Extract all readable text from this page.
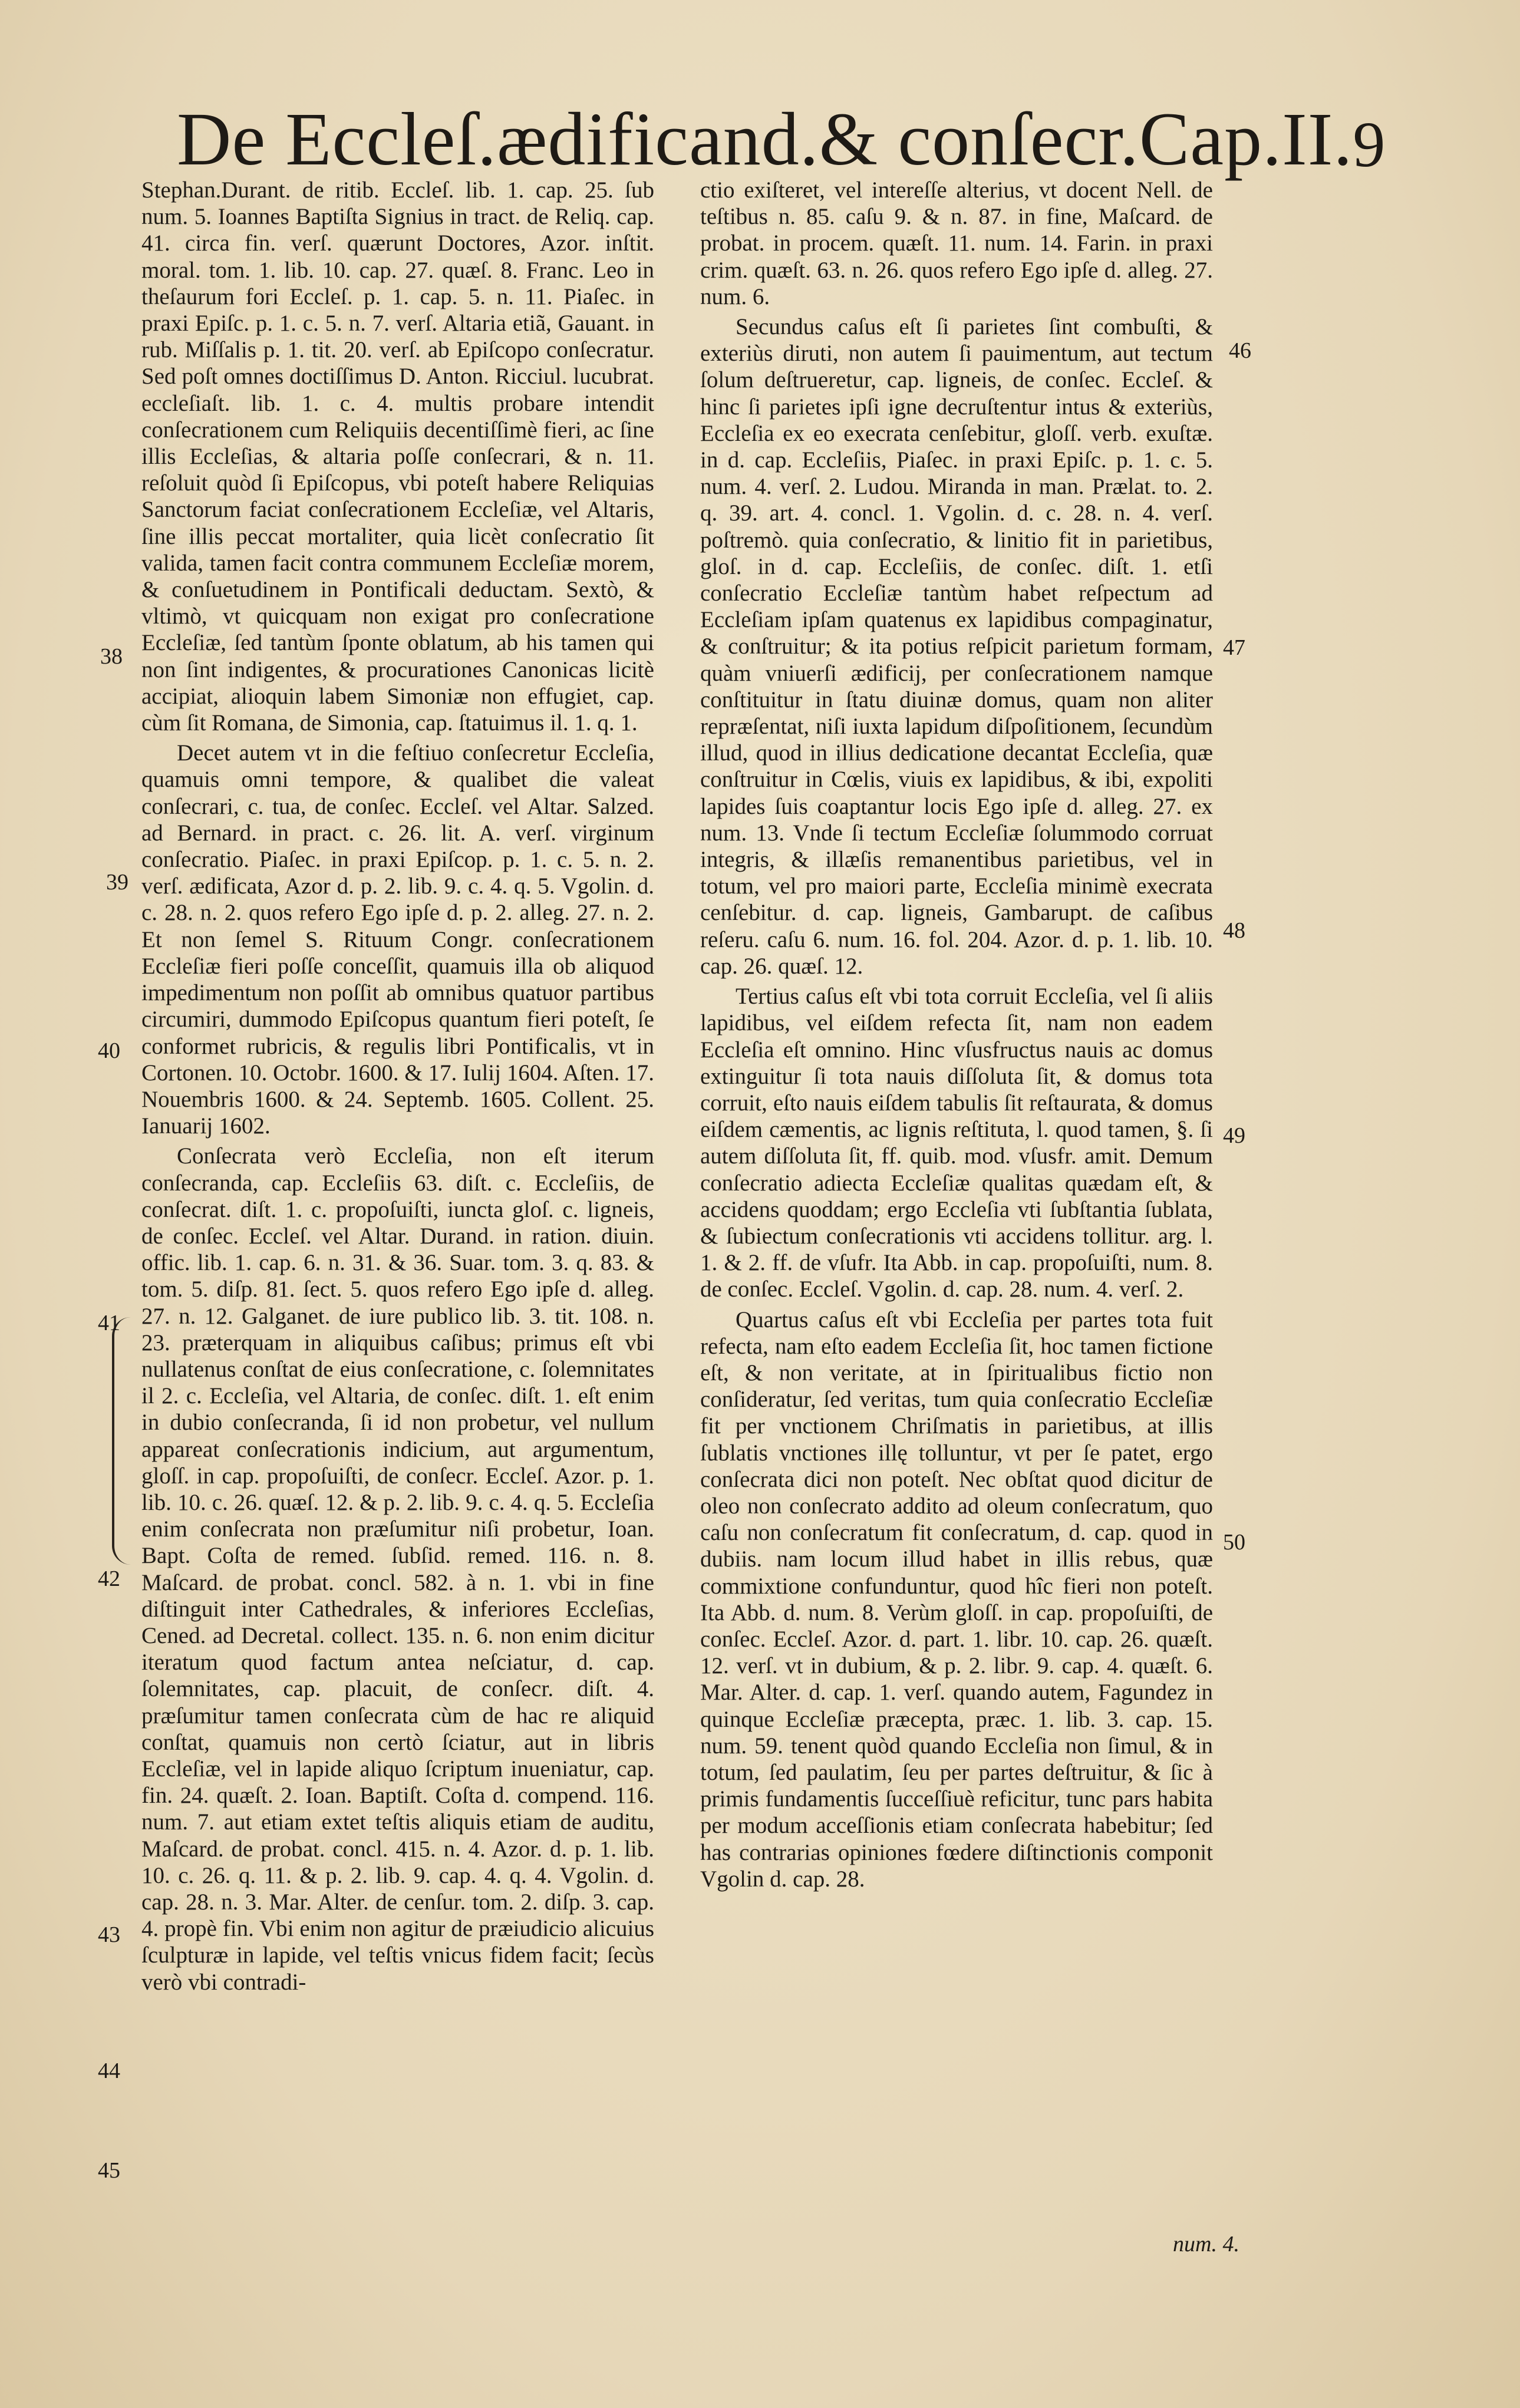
De Eccleſ.ædificand.& conſecr.Cap.II. 9

Stephan.Durant. de ritib. Eccleſ. lib. 1. cap. 25. ſub num. 5. Ioannes Baptiſta Signius in tract. de Reliq. cap. 41. circa fin. verſ. quærunt Doctores, Azor. inſtit. moral. tom. 1. lib. 10. cap. 27. quæſ. 8. Franc. Leo in theſaurum fori Eccleſ. p. 1. cap. 5. n. 11. Piaſec. in praxi Epiſc. p. 1. c. 5. n. 7. verſ. Altaria etiã, Gauant. in rub. Miſſalis p. 1. tit. 20. verſ. ab Epiſcopo conſecratur. Sed poſt omnes doctiſſimus D. Anton. Ricciul. lucubrat. eccleſiaſt. lib. 1. c. 4. multis probare intendit conſecrationem cum Reliquiis decentiſſimè fieri, ac ſine illis Eccleſias, & altaria poſſe conſecrari, & n. 11. reſoluit quòd ſi Epiſcopus, vbi poteſt habere Reliquias Sanctorum faciat conſecrationem Eccleſiæ, vel Altaris, ſine illis peccat mortaliter, quia licèt conſecratio ſit valida, tamen facit contra communem Eccleſiæ morem, & conſuetudinem in Pontificali deductam. Sextò, & vltimò, vt quicquam non exigat pro conſecratione Eccleſiæ, ſed tantùm ſponte oblatum, ab his tamen qui non ſint indigentes, & procurationes Canonicas licitè accipiat, alioquin labem Simoniæ non effugiet, cap. cùm ſit Romana, de Simonia, cap. ſtatuimus il. 1. q. 1.

Decet autem vt in die feſtiuo conſecretur Eccleſia, quamuis omni tempore, & qualibet die valeat conſecrari, c. tua, de conſec. Eccleſ. vel Altar. Salzed. ad Bernard. in pract. c. 26. lit. A. verſ. virginum conſecratio. Piaſec. in praxi Epiſcop. p. 1. c. 5. n. 2. verſ. ædificata, Azor d. p. 2. lib. 9. c. 4. q. 5. Vgolin. d. c. 28. n. 2. quos refero Ego ipſe d. p. 2. alleg. 27. n. 2. Et non ſemel S. Rituum Congr. conſecrationem Eccleſiæ fieri poſſe conceſſit, quamuis illa ob aliquod impedimentum non poſſit ab omnibus quatuor partibus circumiri, dummodo Epiſcopus quantum fieri poteſt, ſe conformet rubricis, & regulis libri Pontificalis, vt in Cortonen. 10. Octobr. 1600. & 17. Iulij 1604. Aſten. 17. Nouembris 1600. & 24. Septemb. 1605. Collent. 25. Ianuarij 1602.

Conſecrata verò Eccleſia, non eſt iterum conſecranda, cap. Eccleſiis 63. diſt. c. Eccleſiis, de conſecrat. diſt. 1. c. propoſuiſti, iuncta gloſ. c. ligneis, de conſec. Eccleſ. vel Altar. Durand. in ration. diuin. offic. lib. 1. cap. 6. n. 31. & 36. Suar. tom. 3. q. 83. & tom. 5. diſp. 81. ſect. 5. quos refero Ego ipſe d. alleg. 27. n. 12. Galganet. de iure publico lib. 3. tit. 108. n. 23. præterquam in aliquibus caſibus; primus eſt vbi nullatenus conſtat de eius conſecratione, c. ſolemnitates il 2. c. Eccleſia, vel Altaria, de conſec. diſt. 1. eſt enim in dubio conſecranda, ſi id non probetur, vel nullum appareat conſecrationis indicium, aut argumentum, gloſſ. in cap. propoſuiſti, de conſecr. Eccleſ. Azor. p. 1. lib. 10. c. 26. quæſ. 12. & p. 2. lib. 9. c. 4. q. 5. Eccleſia enim conſecrata non præſumitur niſi probetur, Ioan. Bapt. Coſta de remed. ſubſid. remed. 116. n. 8. Maſcard. de probat. concl. 582. à n. 1. vbi in fine diſtinguit inter Cathedrales, & inferiores Eccleſias, Cened. ad Decretal. collect. 135. n. 6. non enim dicitur iteratum quod factum antea neſciatur, d. cap. ſolemnitates, cap. placuit, de conſecr. diſt. 4. præſumitur tamen conſecrata cùm de hac re aliquid conſtat, quamuis non certò ſciatur, aut in libris Eccleſiæ, vel in lapide aliquo ſcriptum inueniatur, cap. fin. 24. quæſt. 2. Ioan. Baptiſt. Coſta d. compend. 116. num. 7. aut etiam extet teſtis aliquis etiam de auditu, Maſcard. de probat. concl. 415. n. 4. Azor. d. p. 1. lib. 10. c. 26. q. 11. & p. 2. lib. 9. cap. 4. q. 4. Vgolin. d. cap. 28. n. 3. Mar. Alter. de cenſur. tom. 2. diſp. 3. cap. 4. propè fin. Vbi enim non agitur de præiudicio alicuius ſculpturæ in lapide, vel teſtis vnicus fidem facit; ſecùs verò vbi contradi-

ctio exiſteret, vel intereſſe alterius, vt docent Nell. de teſtibus n. 85. caſu 9. & n. 87. in fine, Maſcard. de probat. in procem. quæſt. 11. num. 14. Farin. in praxi crim. quæſt. 63. n. 26. quos refero Ego ipſe d. alleg. 27. num. 6.

Secundus caſus eſt ſi parietes ſint combuſti, & exteriùs diruti, non autem ſi pauimentum, aut tectum ſolum deſtrueretur, cap. ligneis, de conſec. Eccleſ. & hinc ſi parietes ipſi igne decruſtentur intus & exteriùs, Eccleſia ex eo execrata cenſebitur, gloſſ. verb. exuſtæ. in d. cap. Eccleſiis, Piaſec. in praxi Epiſc. p. 1. c. 5. num. 4. verſ. 2. Ludou. Miranda in man. Prælat. to. 2. q. 39. art. 4. concl. 1. Vgolin. d. c. 28. n. 4. verſ. poſtremò. quia conſecratio, & linitio fit in parietibus, gloſ. in d. cap. Eccleſiis, de conſec. diſt. 1. etſi conſecratio Eccleſiæ tantùm habet reſpectum ad Eccleſiam ipſam quatenus ex lapidibus compaginatur, & conſtruitur; & ita potius reſpicit parietum formam, quàm vniuerſi ædificij, per conſecrationem namque conſtituitur in ſtatu diuinæ domus, quam non aliter repræſentat, niſi iuxta lapidum diſpoſitionem, ſecundùm illud, quod in illius dedicatione decantat Eccleſia, quæ conſtruitur in Cœlis, viuis ex lapidibus, & ibi, expoliti lapides ſuis coaptantur locis Ego ipſe d. alleg. 27. ex num. 13. Vnde ſi tectum Eccleſiæ ſolummodo corruat integris, & illæſis remanentibus parietibus, vel in totum, vel pro maiori parte, Eccleſia minimè execrata cenſebitur. d. cap. ligneis, Gambarupt. de caſibus reſeru. caſu 6. num. 16. fol. 204. Azor. d. p. 1. lib. 10. cap. 26. quæſ. 12.

Tertius caſus eſt vbi tota corruit Eccleſia, vel ſi aliis lapidibus, vel eiſdem refecta ſit, nam non eadem Eccleſia eſt omnino. Hinc vſusfructus nauis ac domus extinguitur ſi tota nauis diſſoluta ſit, & domus tota corruit, eſto nauis eiſdem tabulis ſit reſtaurata, & domus eiſdem cæmentis, ac lignis reſtituta, l. quod tamen, §. ſi autem diſſoluta ſit, ff. quib. mod. vſusfr. amit. Demum conſecratio adiecta Eccleſiæ qualitas quædam eſt, & accidens quoddam; ergo Eccleſia vti ſubſtantia ſublata, & ſubiectum conſecrationis vti accidens tollitur. arg. l. 1. & 2. ff. de vſufr. Ita Abb. in cap. propoſuiſti, num. 8. de conſec. Eccleſ. Vgolin. d. cap. 28. num. 4. verſ. 2.

Quartus caſus eſt vbi Eccleſia per partes tota fuit refecta, nam eſto eadem Eccleſia ſit, hoc tamen fictione eſt, & non veritate, at in ſpiritualibus fictio non conſideratur, ſed veritas, tum quia conſecratio Eccleſiæ fit per vnctionem Chriſmatis in parietibus, at illis ſublatis vnctiones illę tolluntur, vt per ſe patet, ergo conſecrata dici non poteſt. Nec obſtat quod dicitur de oleo non conſecrato addito ad oleum conſecratum, quo caſu non conſecratum fit conſecratum, d. cap. quod in dubiis. nam locum illud habet in illis rebus, quæ commixtione confunduntur, quod hîc fieri non poteſt. Ita Abb. d. num. 8. Verùm gloſſ. in cap. propoſuiſti, de conſec. Eccleſ. Azor. d. part. 1. libr. 10. cap. 26. quæſt. 12. verſ. vt in dubium, & p. 2. libr. 9. cap. 4. quæſt. 6. Mar. Alter. d. cap. 1. verſ. quando autem, Fagundez in quinque Eccleſiæ præcepta, præc. 1. lib. 3. cap. 15. num. 59. tenent quòd quando Eccleſia non ſimul, & in totum, ſed paulatim, ſeu per partes deſtruitur, & ſic à primis fundamentis ſucceſſiuè reficitur, tunc pars habita per modum acceſſionis etiam conſecrata habebitur; ſed has contrarias opiniones fœdere diſtinctionis componit Vgolin d. cap. 28.

38
39
40
41
42
43
44
45
46
47
48
49
50
num. 4.
